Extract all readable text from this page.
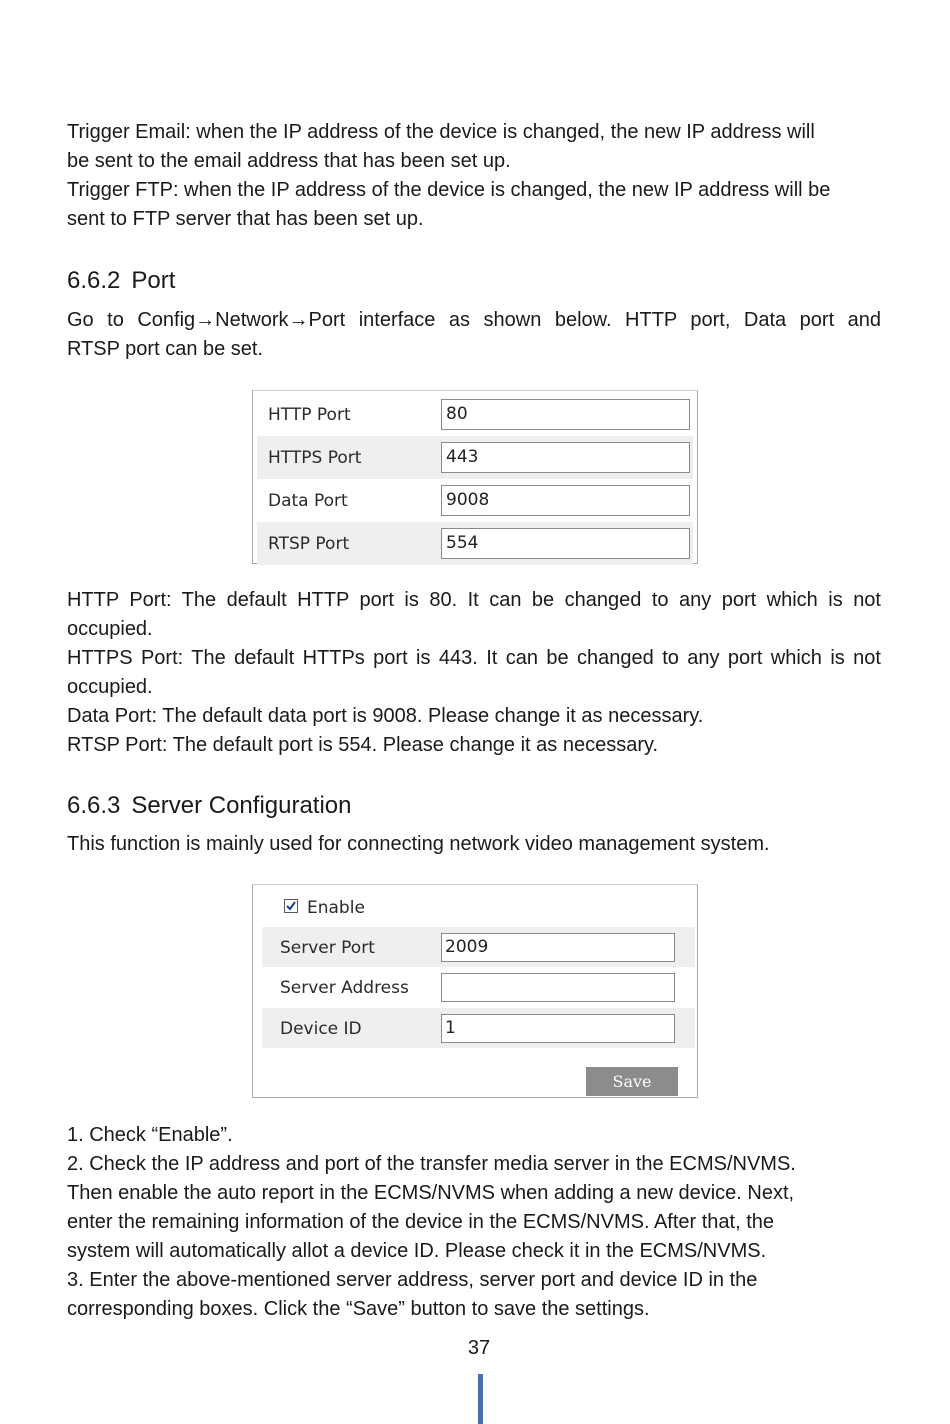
Trigger Email: when the IP address of the device is changed, the new IP address will
be sent to the email address that has been set up.
Trigger FTP: when the IP address of the device is changed, the new IP address will be
sent to FTP server that has been set up.

6.6.2 Port

Go to Config→Network→Port interface as shown below. HTTP port, Data port and
RTSP port can be set.

HTTP Port	80
HTTPS Port	443
Data Port	9008
RTSP Port	554

HTTP Port: The default HTTP port is 80. It can be changed to any port which is not
occupied.
HTTPS Port: The default HTTPs port is 443. It can be changed to any port which is not
occupied.
Data Port: The default data port is 9008. Please change it as necessary.
RTSP Port: The default port is 554. Please change it as necessary.

6.6.3 Server Configuration

This function is mainly used for connecting network video management system.

Enable
Server Port	2009
Server Address
Device ID	1
Save

1. Check “Enable”.
2. Check the IP address and port of the transfer media server in the ECMS/NVMS.
Then enable the auto report in the ECMS/NVMS when adding a new device. Next,
enter the remaining information of the device in the ECMS/NVMS. After that, the
system will automatically allot a device ID. Please check it in the ECMS/NVMS.
3. Enter the above-mentioned server address, server port and device ID in the
corresponding boxes. Click the “Save” button to save the settings.

37
